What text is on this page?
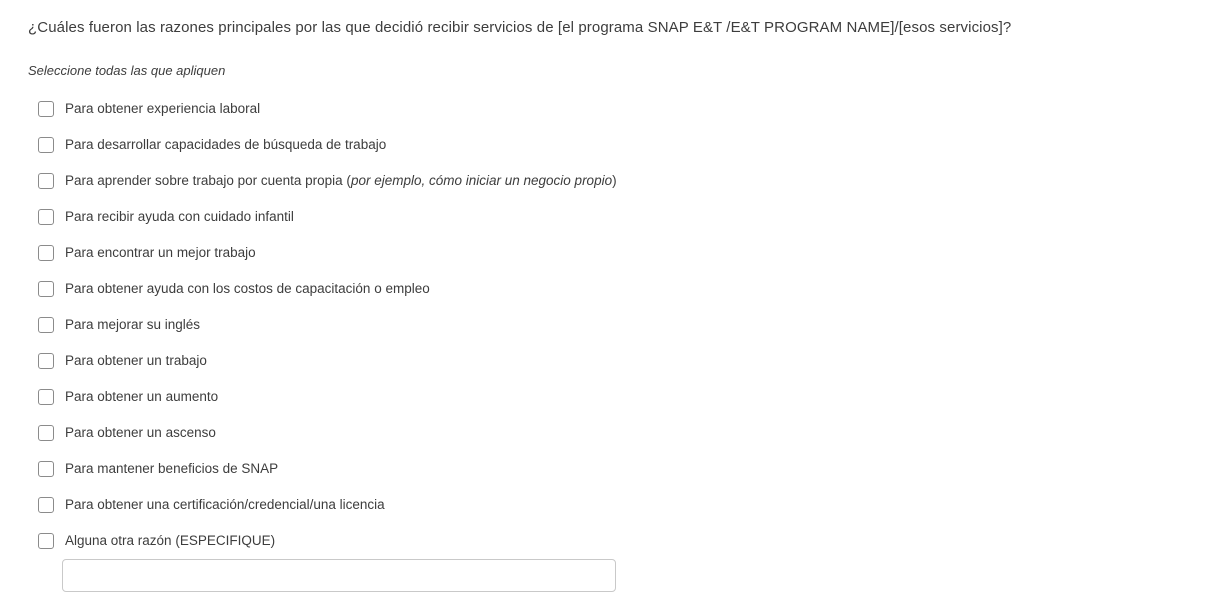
¿Cuáles fueron las razones principales por las que decidió recibir servicios de [el programa SNAP E&T /E&T PROGRAM NAME]/[esos servicios]?
Seleccione todas las que apliquen
Para obtener experiencia laboral
Para desarrollar capacidades de búsqueda de trabajo
Para aprender sobre trabajo por cuenta propia (por ejemplo, cómo iniciar un negocio propio)
Para recibir ayuda con cuidado infantil
Para encontrar un mejor trabajo
Para obtener ayuda con los costos de capacitación o empleo
Para mejorar su inglés
Para obtener un trabajo
Para obtener un aumento
Para obtener un ascenso
Para mantener beneficios de SNAP
Para obtener una certificación/credencial/una licencia
Alguna otra razón (ESPECIFIQUE)
